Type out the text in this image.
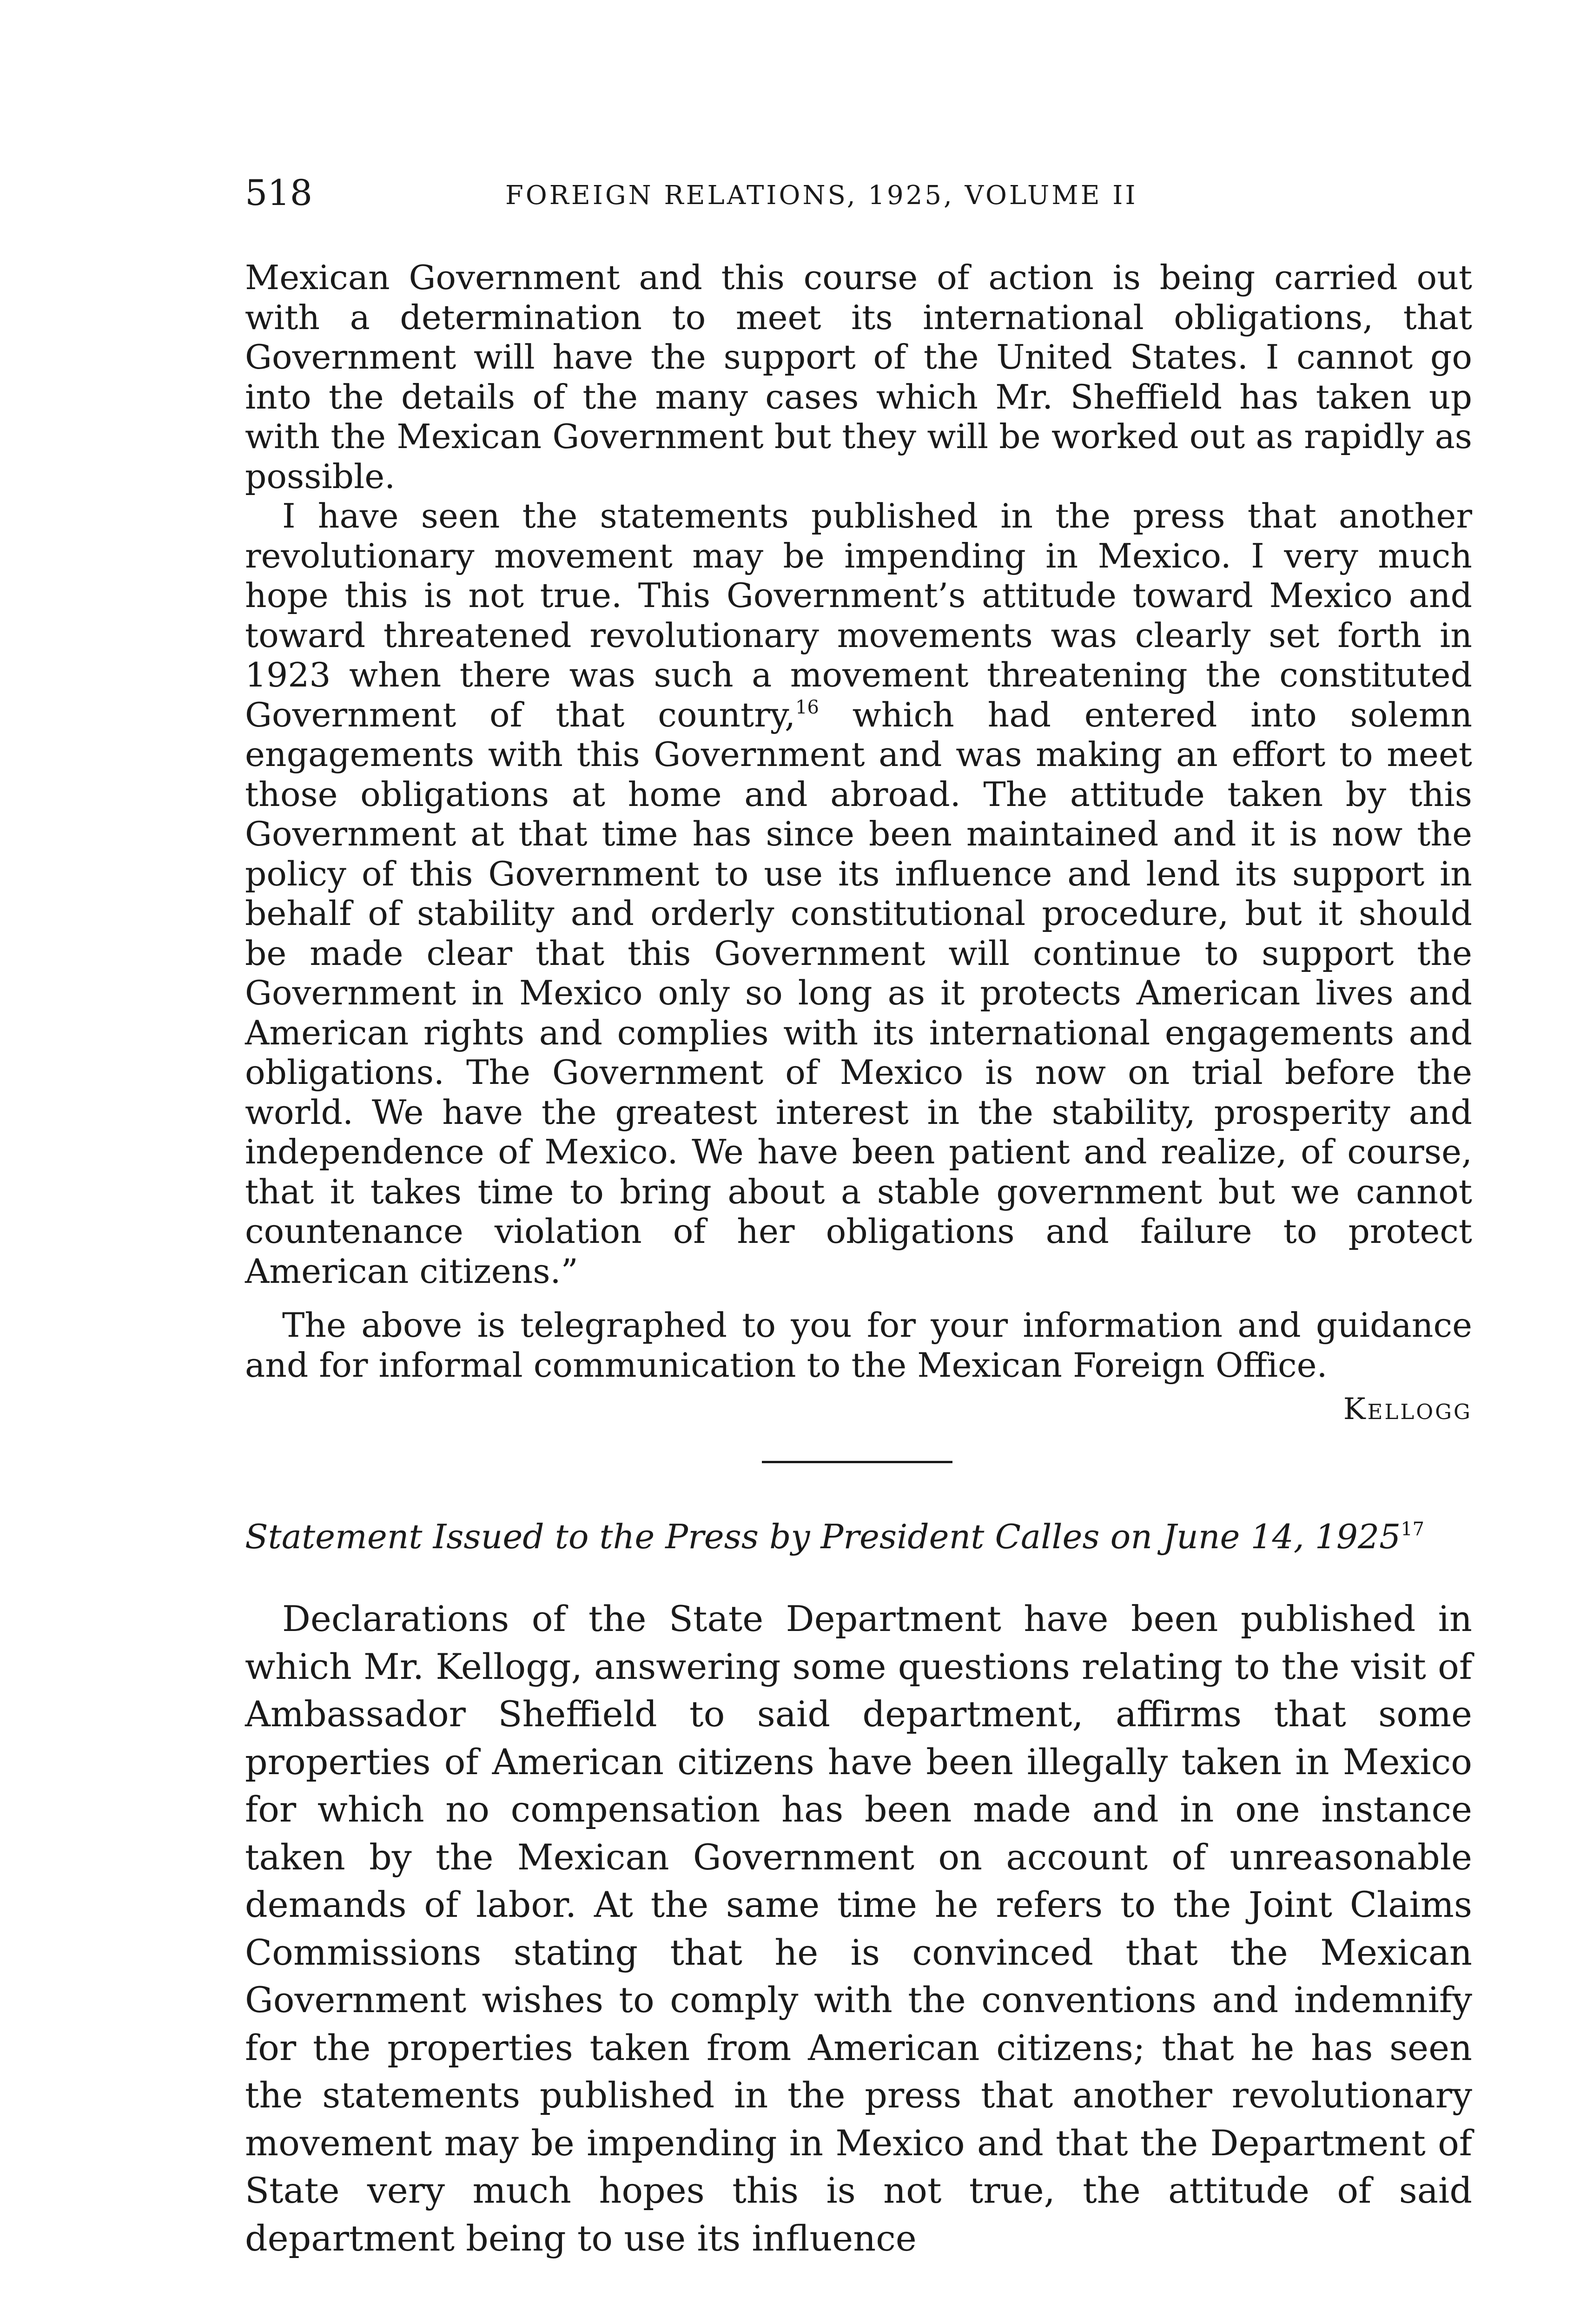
518	FOREIGN RELATIONS, 1925, VOLUME II

Mexican Government and this course of action is being carried out with a determination to meet its international obligations, that Government will have the support of the United States. I cannot go into the details of the many cases which Mr. Sheffield has taken up with the Mexican Government but they will be worked out as rapidly as possible.

I have seen the statements published in the press that another revolutionary movement may be impending in Mexico. I very much hope this is not true. This Government’s attitude toward Mexico and toward threatened revolutionary movements was clearly set forth in 1923 when there was such a movement threatening the constituted Government of that country,$^{16}$ which had entered into solemn engagements with this Government and was making an effort to meet those obligations at home and abroad. The attitude taken by this Government at that time has since been maintained and it is now the policy of this Government to use its influence and lend its support in behalf of stability and orderly constitutional procedure, but it should be made clear that this Government will continue to support the Government in Mexico only so long as it protects American lives and American rights and complies with its international engagements and obligations. The Government of Mexico is now on trial before the world. We have the greatest interest in the stability, prosperity and independence of Mexico. We have been patient and realize, of course, that it takes time to bring about a stable government but we cannot countenance violation of her obligations and failure to protect American citizens.”

The above is telegraphed to you for your information and guidance and for informal communication to the Mexican Foreign Office.

Kellogg
Statement Issued to the Press by President Calles on June 14, 1925$^{17}$

Declarations of the State Department have been published in which Mr. Kellogg, answering some questions relating to the visit of Ambassador Sheffield to said department, affirms that some properties of American citizens have been illegally taken in Mexico for which no compensation has been made and in one instance taken by the Mexican Government on account of unreasonable demands of labor. At the same time he refers to the Joint Claims Commissions stating that he is convinced that the Mexican Government wishes to comply with the conventions and indemnify for the properties taken from American citizens; that he has seen the statements published in the press that another revolutionary movement may be impending in Mexico and that the Department of State very much hopes this is not true, the attitude of said department being to use its influence
